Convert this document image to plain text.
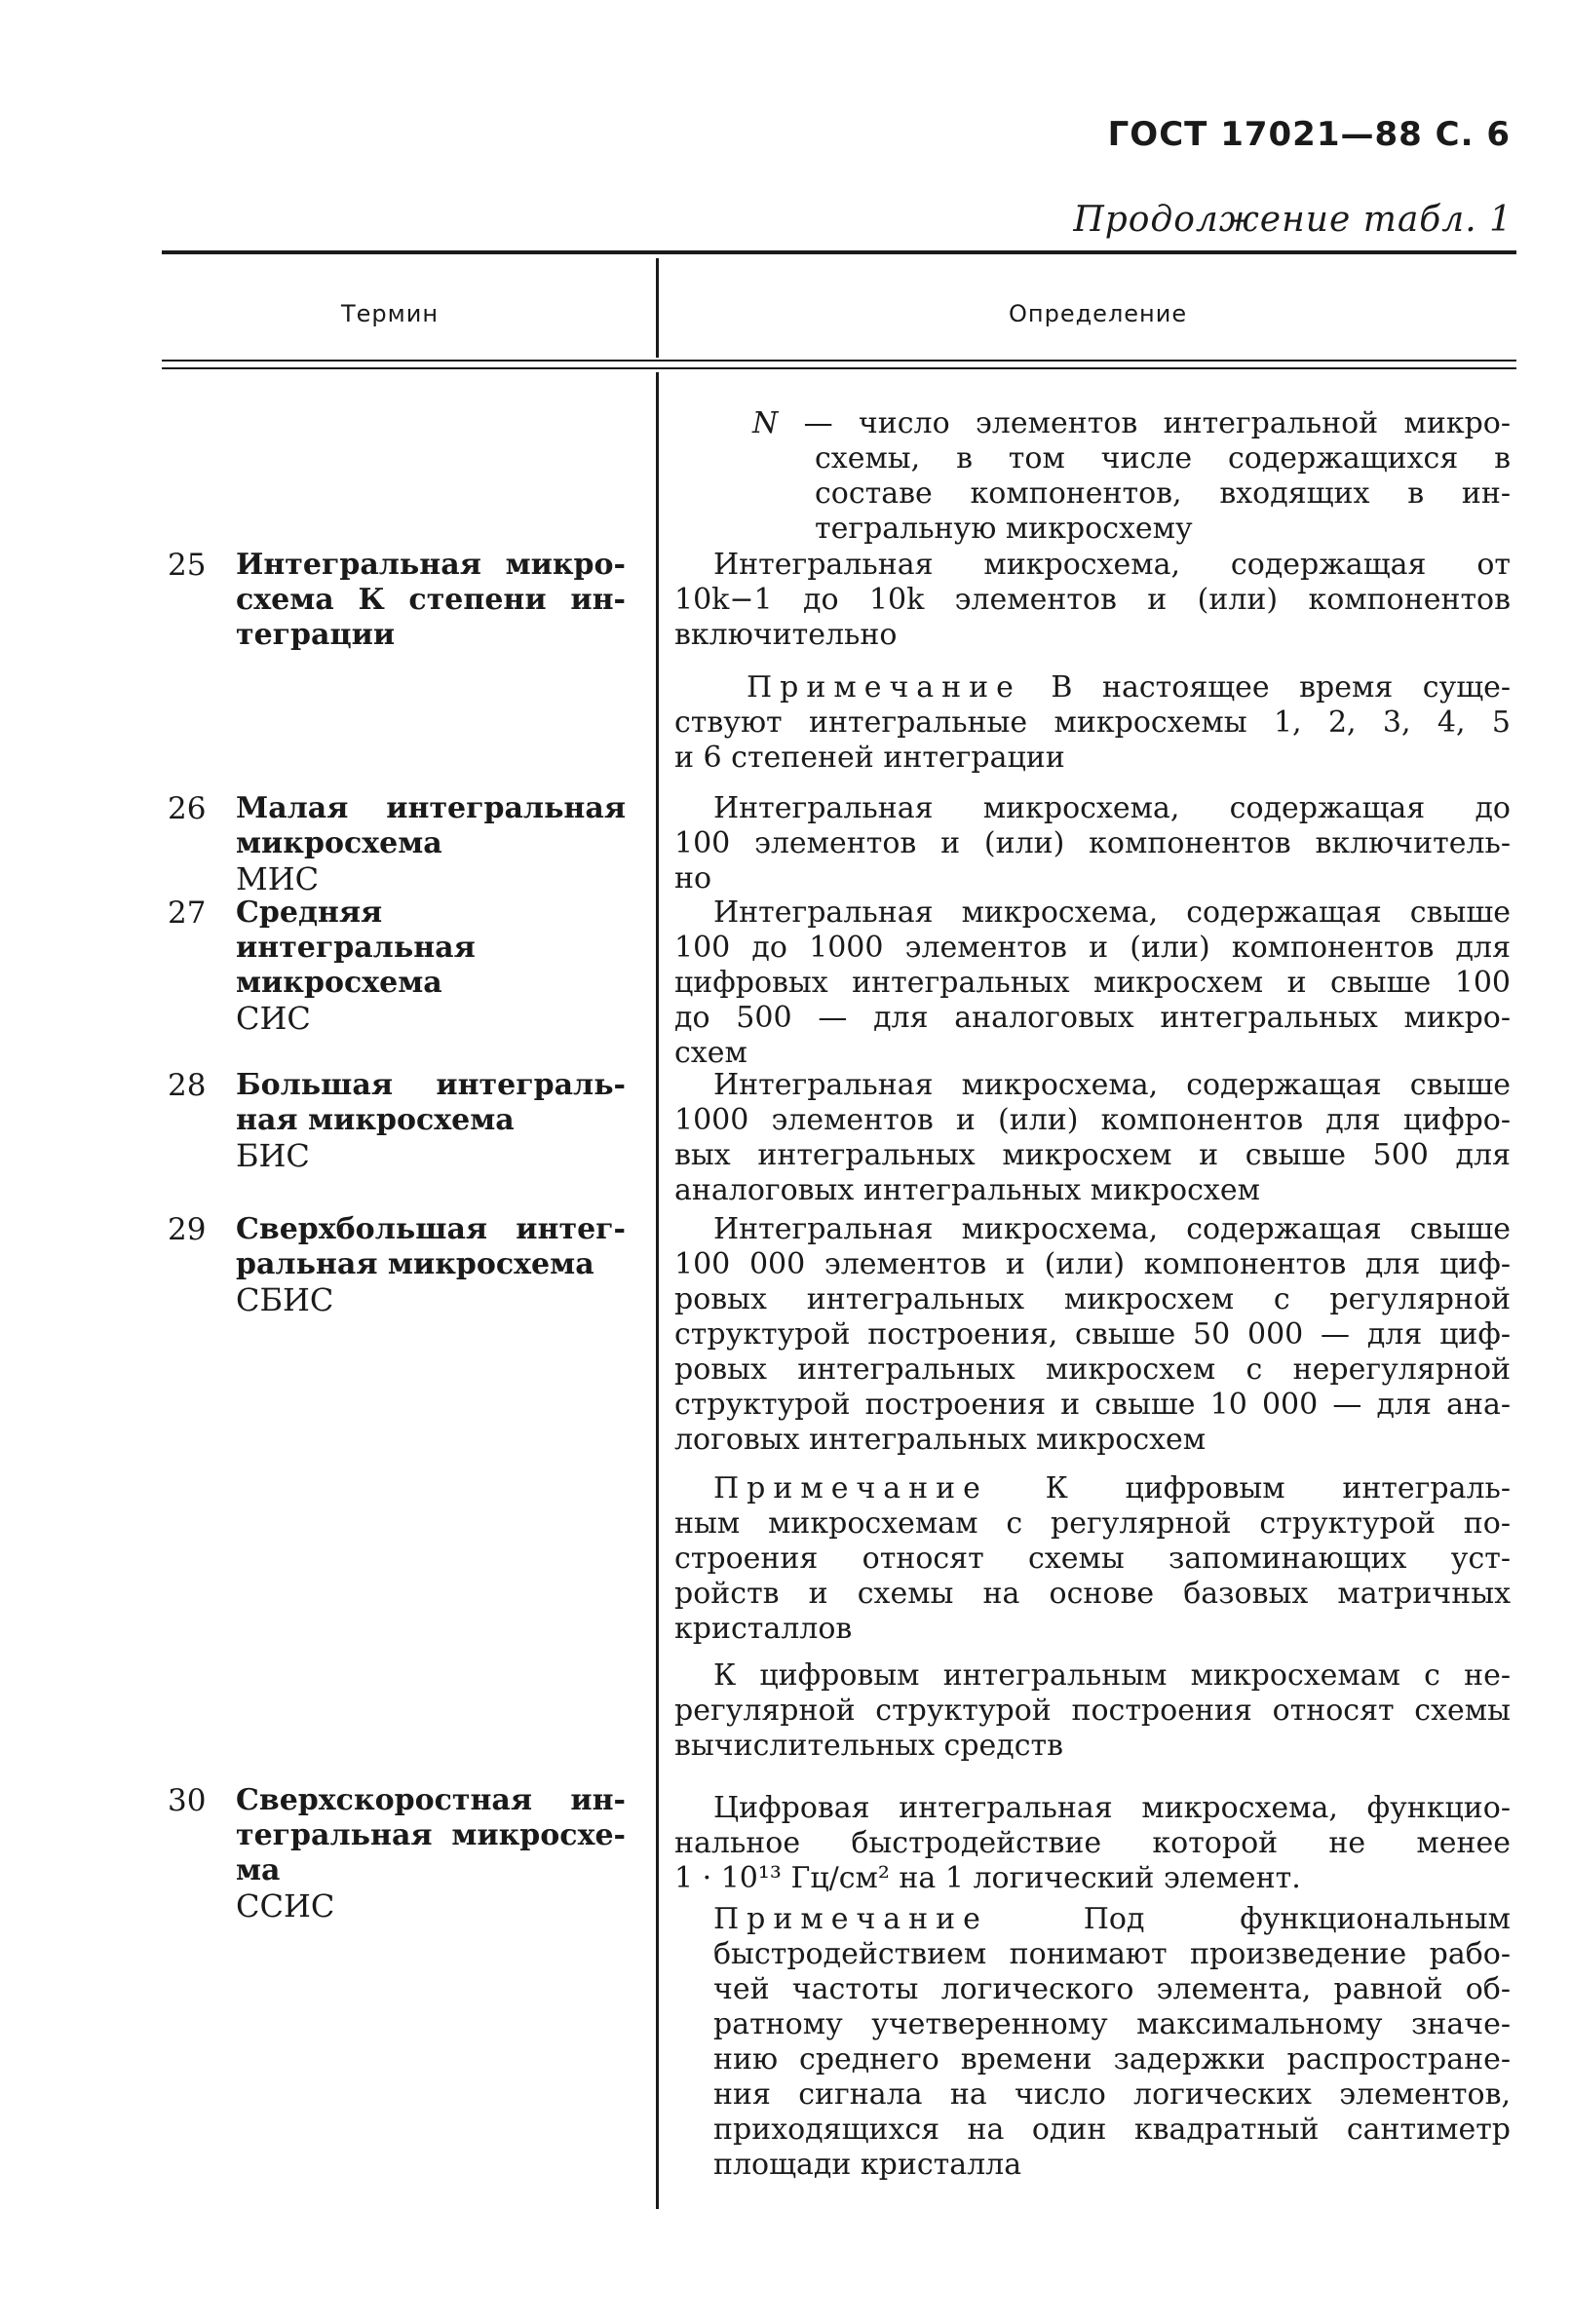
ГОСТ 17021—88 С. 6
Продолжение табл. 1
Термин	Определение
N — число элементов интегральной микро-
схемы, в том числе содержащихся в
составе компонентов, входящих в ин-
тегральную микросхему
25 Интегральная микро-
схема К степени ин-
теграции
Интегральная микросхема, содержащая от
10k−1 до 10k элементов и (или) компонентов
включительно
Примечание В настоящее время суще-
ствуют интегральные микросхемы 1, 2, 3, 4, 5
и 6 степеней интеграции
26 Малая интегральная
микросхема
МИС
Интегральная микросхема, содержащая до
100 элементов и (или) компонентов включитель-
но
27 Средняя интегральная
микросхема
СИС
Интегральная микросхема, содержащая свыше
100 до 1000 элементов и (или) компонентов для
цифровых интегральных микросхем и свыше 100
до 500 — для аналоговых интегральных микро-
схем
28 Большая интеграль-
ная микросхема
БИС
Интегральная микросхема, содержащая свыше
1000 элементов и (или) компонентов для цифро-
вых интегральных микросхем и свыше 500 для
аналоговых интегральных микросхем
29 Сверхбольшая интег-
ральная микросхема
СБИС
Интегральная микросхема, содержащая свыше
100 000 элементов и (или) компонентов для циф-
ровых интегральных микросхем с регулярной
структурой построения, свыше 50 000 — для циф-
ровых интегральных микросхем с нерегулярной
структурой построения и свыше 10 000 — для ана-
логовых интегральных микросхем
Примечание К цифровым интеграль-
ным микросхемам с регулярной структурой по-
строения относят схемы запоминающих уст-
ройств и схемы на основе базовых матричных
кристаллов
К цифровым интегральным микросхемам с не-
регулярной структурой построения относят схемы
вычислительных средств
30 Сверхскоростная ин-
тегральная микросхе-
ма
ССИС
Цифровая интегральная микросхема, функцио-
нальное быстродействие которой не менее
1 · 10¹³ Гц/см² на 1 логический элемент.
Примечание Под функциональным
быстродействием понимают произведение рабо-
чей частоты логического элемента, равной об-
ратному учетверенному максимальному значе-
нию среднего времени задержки распростране-
ния сигнала на число логических элементов,
приходящихся на один квадратный сантиметр
площади кристалла
